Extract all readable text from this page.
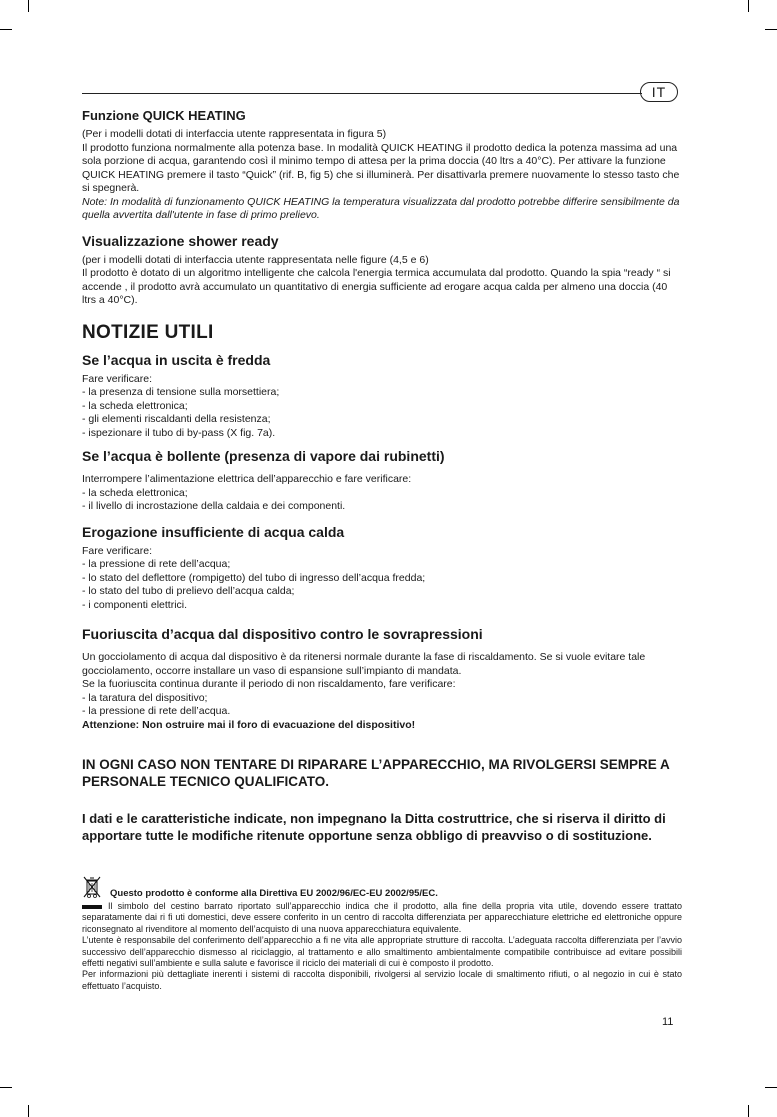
IT
Funzione QUICK HEATING

(Per i modelli dotati di interfaccia utente rappresentata in figura 5)

Il prodotto funziona normalmente alla potenza base. In modalità QUICK HEATING il prodotto dedica la potenza massima ad una sola porzione di acqua, garantendo così il minimo tempo di attesa per la prima doccia (40 ltrs a 40°C). Per attivare la funzione QUICK HEATING premere il tasto “Quick” (rif. B, fig 5) che si illuminerà. Per disattivarla premere nuovamente lo stesso tasto che si spegnerà.

Note: In modalità di funzionamento QUICK HEATING la temperatura visualizzata dal prodotto potrebbe differire sensibilmente da quella avvertita dall'utente in fase di primo prelievo.

Visualizzazione shower ready

(per i modelli dotati di interfaccia utente rappresentata nelle figure (4,5 e 6)

Il prodotto è dotato di un algoritmo intelligente che calcola l'energia termica accumulata dal prodotto. Quando la spia “ready “ si accende , il prodotto avrà accumulato un quantitativo di energia sufficiente ad erogare acqua calda per almeno una doccia (40 ltrs a 40°C).

NOTIZIE UTILI
Se l’acqua in uscita è fredda

Fare verificare:

- la presenza di tensione sulla morsettiera;

- la scheda elettronica;

- gli elementi riscaldanti della resistenza;

- ispezionare il tubo di by-pass (X fig. 7a).

Se l’acqua è bollente (presenza di vapore dai rubinetti)

Interrompere l’alimentazione elettrica dell’apparecchio e fare verificare:

- la scheda elettronica;

- il livello di incrostazione della caldaia e dei componenti.

Erogazione insufficiente di acqua calda

Fare verificare:

- la pressione di rete dell’acqua;

- lo stato del deflettore (rompigetto) del tubo di ingresso dell’acqua fredda;

- lo stato del tubo di prelievo dell’acqua calda;

- i componenti elettrici.

Fuoriuscita d’acqua dal dispositivo contro le sovrapressioni

Un gocciolamento di acqua dal dispositivo è da ritenersi normale durante la fase di riscaldamento. Se si vuole evitare tale gocciolamento, occorre installare un vaso di espansione sull’impianto di mandata.

Se la fuoriuscita continua durante il periodo di non riscaldamento, fare verificare:

- la taratura del dispositivo;

- la pressione di rete dell’acqua.

Attenzione: Non ostruire mai il foro di evacuazione del dispositivo!

IN OGNI CASO NON TENTARE DI RIPARARE L’APPARECCHIO, MA RIVOLGERSI SEMPRE A PERSONALE TECNICO QUALIFICATO.

I dati e le caratteristiche indicate, non impegnano la Ditta costruttrice, che si riserva il diritto di apportare tutte le modifiche ritenute opportune senza obbligo di preavviso o di sostituzione.

Questo prodotto è conforme alla Direttiva EU 2002/96/EC-EU 2002/95/EC.

Il simbolo del cestino barrato riportato sull’apparecchio indica che il prodotto, alla fine della propria vita utile, dovendo essere trattato separatamente dai ri fi uti domestici, deve essere conferito in un centro di raccolta differenziata per apparecchiature elettriche ed elettroniche oppure riconsegnato al rivenditore al momento dell’acquisto di una nuova apparecchiatura equivalente.

L’utente è responsabile del conferimento dell’apparecchio a fi ne vita alle appropriate strutture di raccolta. L’adeguata raccolta differenziata per l’avvio successivo dell’apparecchio dismesso al riciclaggio, al trattamento e allo smaltimento ambientalmente compatibile contribuisce ad evitare possibili effetti negativi sull’ambiente e sulla salute e favorisce il riciclo dei materiali di cui è composto il prodotto.

Per informazioni più dettagliate inerenti i sistemi di raccolta disponibili, rivolgersi al servizio locale di smaltimento rifiuti, o al negozio in cui è stato effettuato l’acquisto.

11
